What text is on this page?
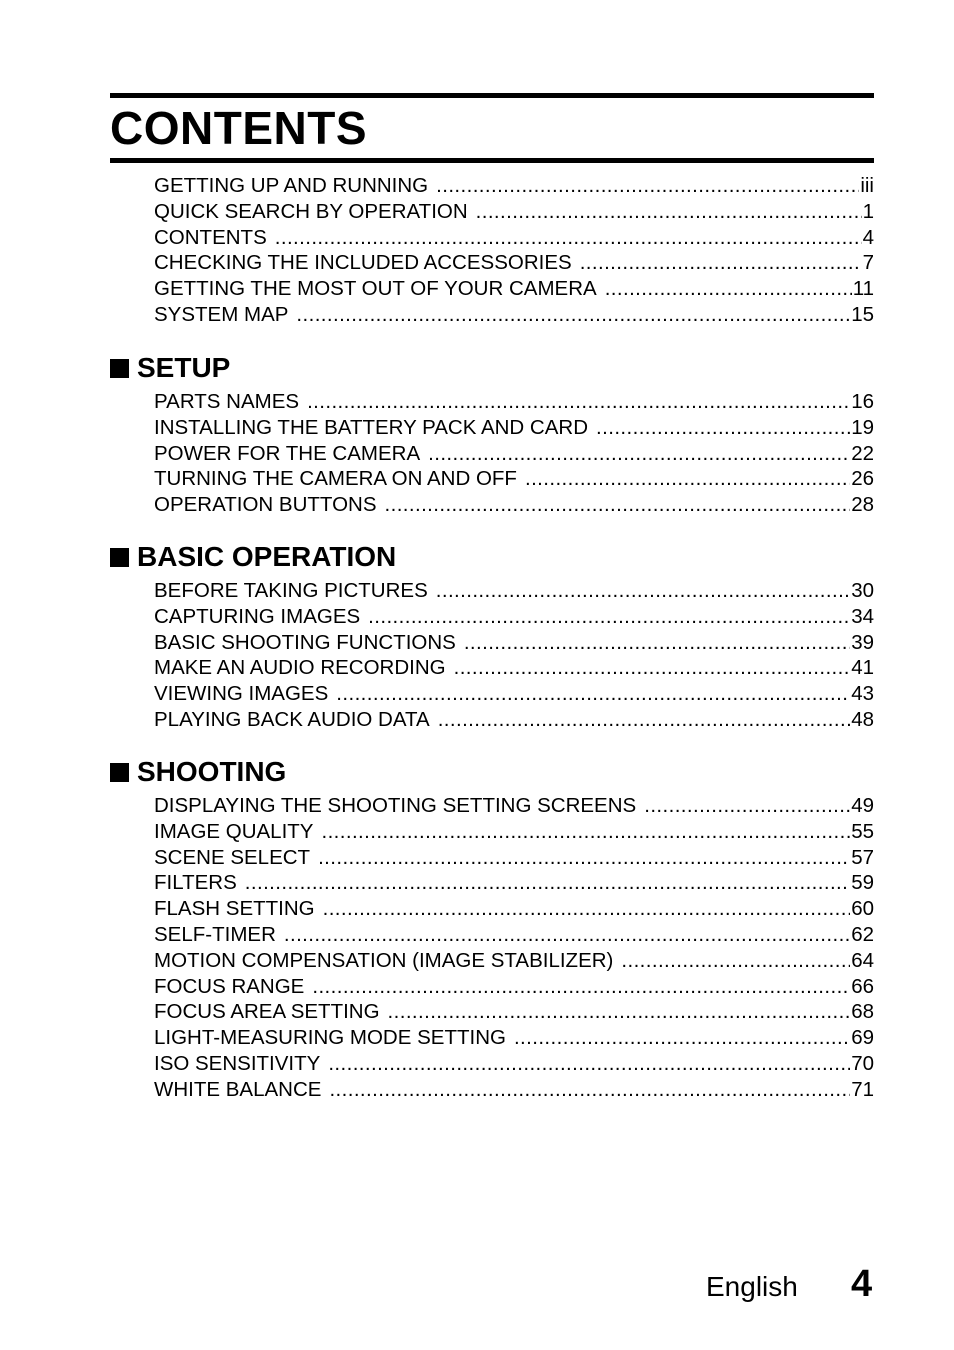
CONTENTS
GETTING UP AND RUNNING .....	iii
QUICK SEARCH BY OPERATION .....	1
CONTENTS .....	4
CHECKING THE INCLUDED ACCESSORIES .....	7
GETTING THE MOST OUT OF YOUR CAMERA .....	11
SYSTEM MAP .....	15
SETUP
PARTS NAMES .....	16
INSTALLING THE BATTERY PACK AND CARD .....	19
POWER FOR THE CAMERA .....	22
TURNING THE CAMERA ON AND OFF .....	26
OPERATION BUTTONS .....	28
BASIC OPERATION
BEFORE TAKING PICTURES .....	30
CAPTURING IMAGES .....	34
BASIC SHOOTING FUNCTIONS .....	39
MAKE AN AUDIO RECORDING .....	41
VIEWING IMAGES .....	43
PLAYING BACK AUDIO DATA .....	48
SHOOTING
DISPLAYING THE SHOOTING SETTING SCREENS .....	49
IMAGE QUALITY .....	55
SCENE SELECT .....	57
FILTERS .....	59
FLASH SETTING .....	60
SELF-TIMER .....	62
MOTION COMPENSATION (IMAGE STABILIZER) .....	64
FOCUS RANGE .....	66
FOCUS AREA SETTING .....	68
LIGHT-MEASURING MODE SETTING .....	69
ISO SENSITIVITY .....	70
WHITE BALANCE .....	71
English 4
